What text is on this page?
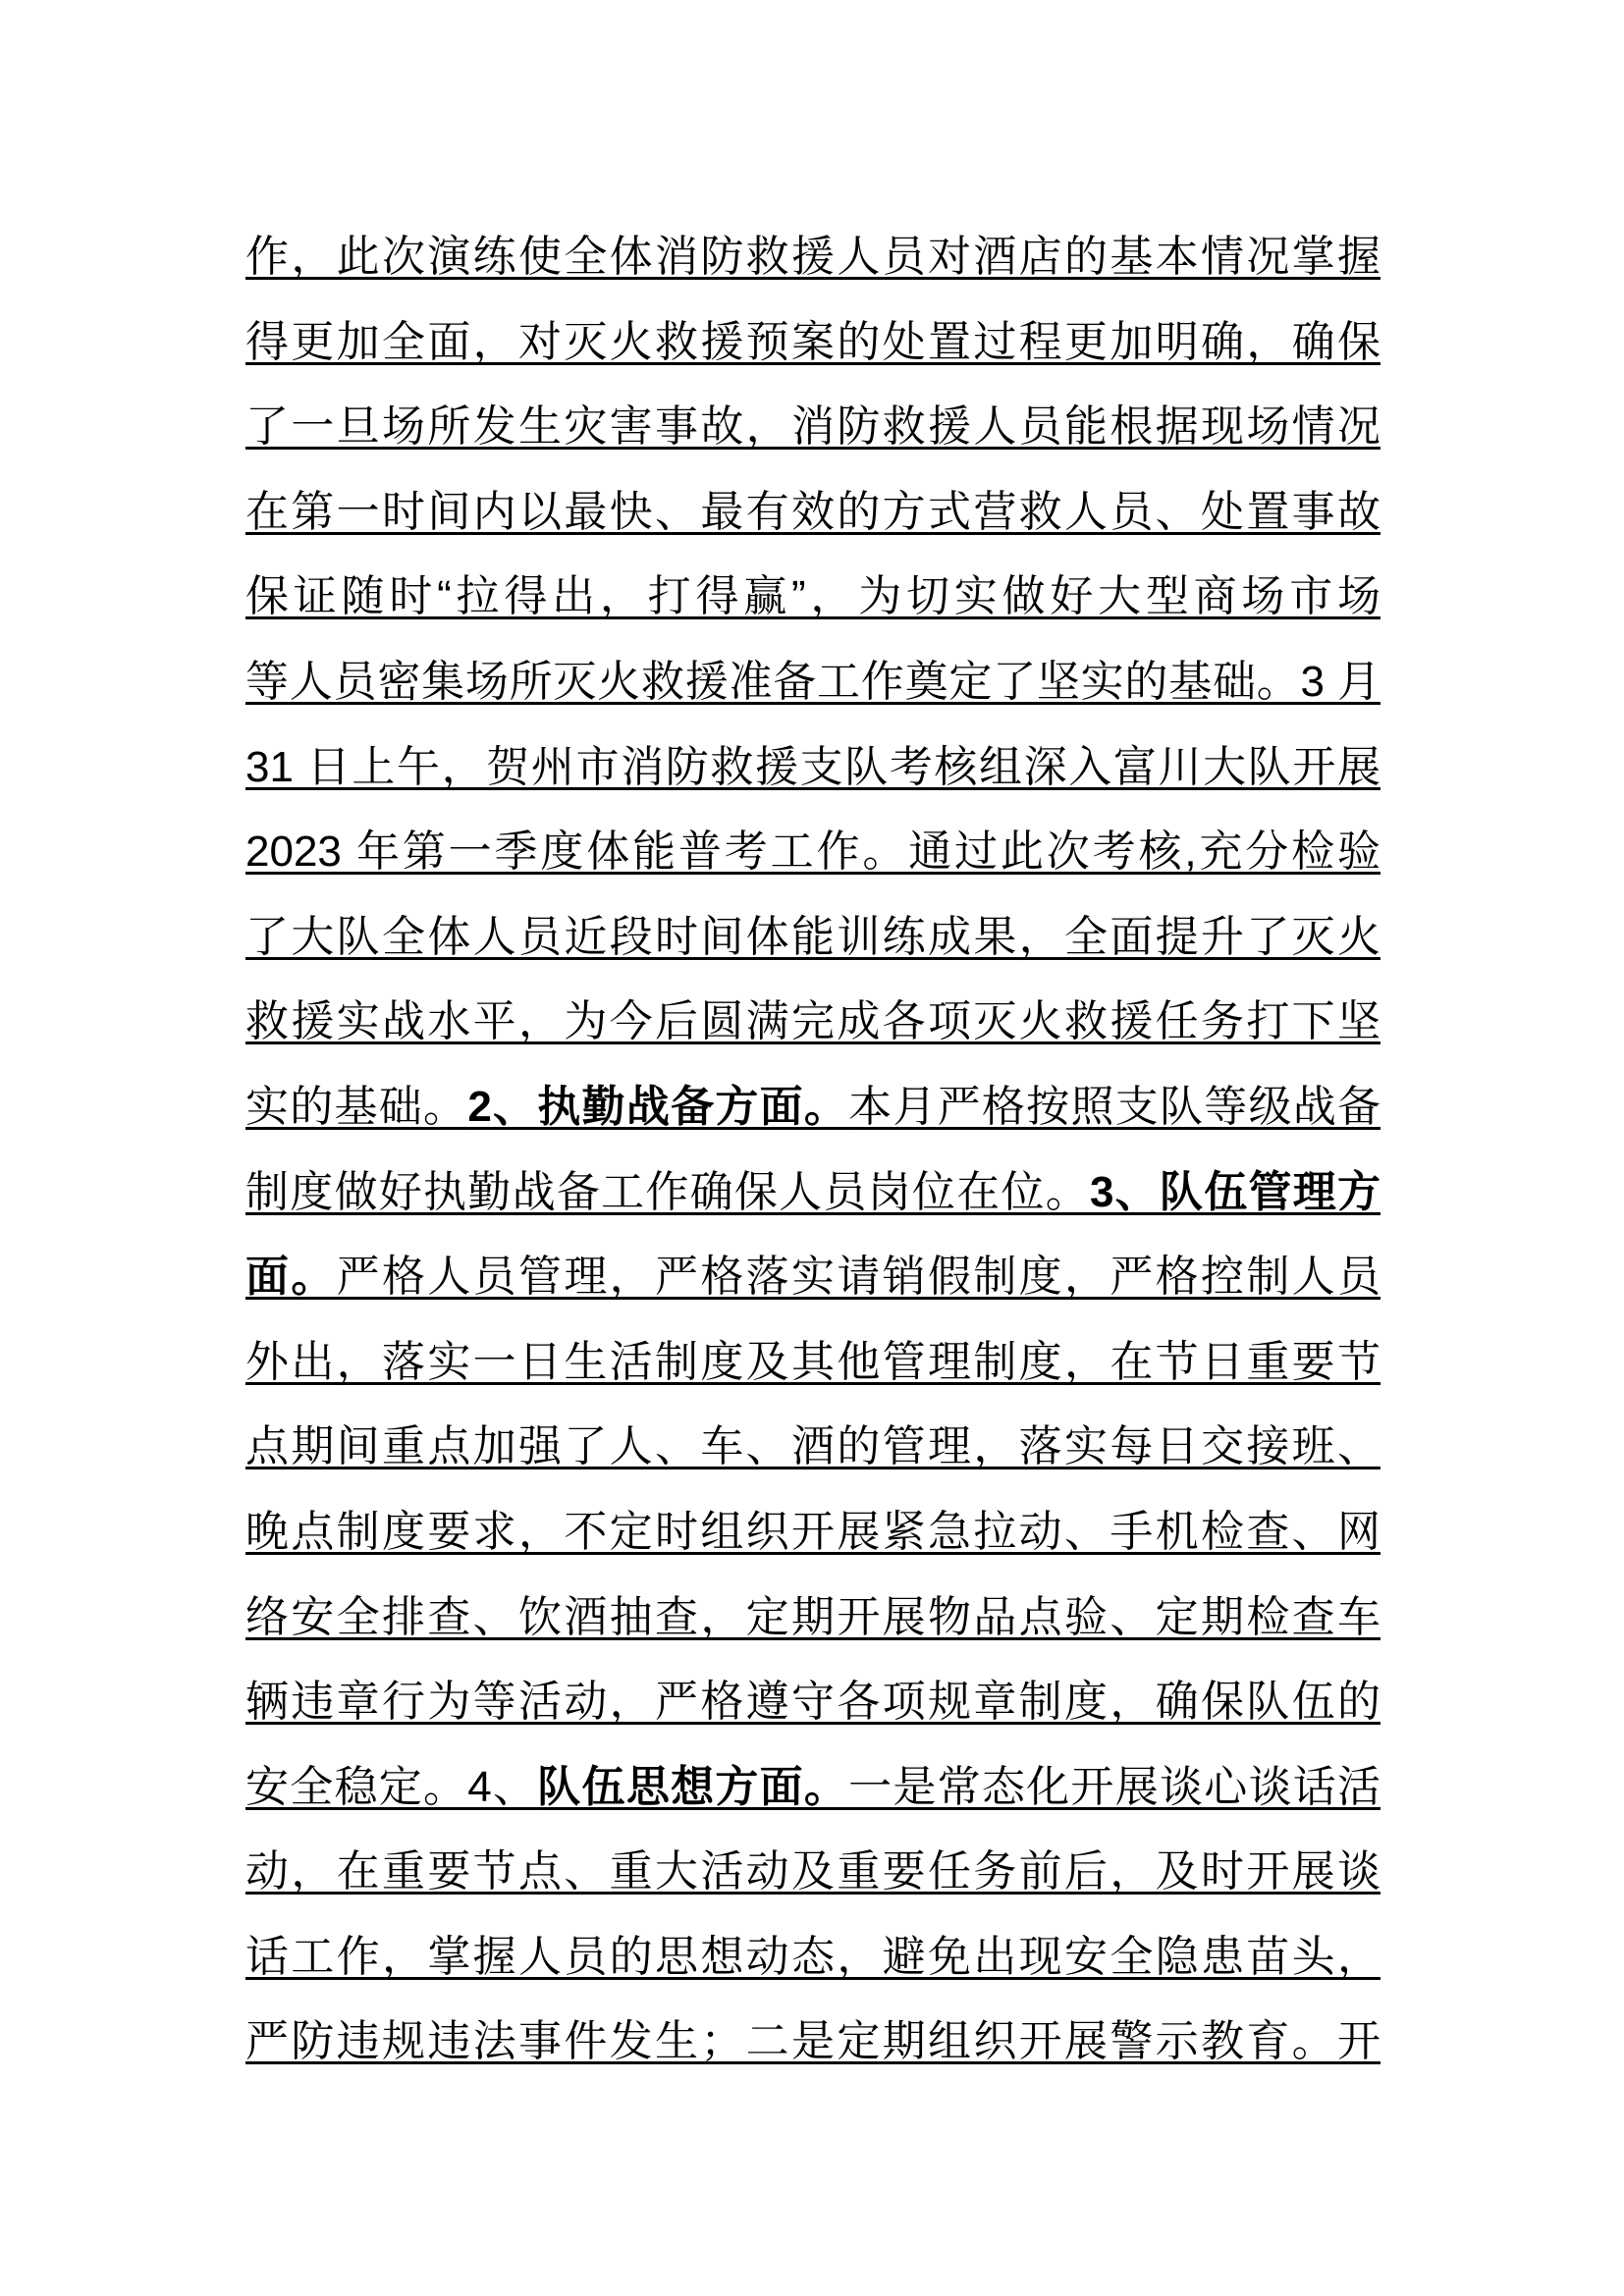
作，此次演练使全体消防救援人员对酒店的基本情况掌握
得更加全面，对灭火救援预案的处置过程更加明确，确保
了一旦场所发生灾害事故，消防救援人员能根据现场情况
在第一时间内以最快、最有效的方式营救人员、处置事故
保证随时“拉得出，打得赢”，为切实做好大型商场市场
等人员密集场所灭火救援准备工作奠定了坚实的基础。3 月
31 日上午，贺州市消防救援支队考核组深入富川大队开展
2023 年第一季度体能普考工作。通过此次考核,充分检验
了大队全体人员近段时间体能训练成果，全面提升了灭火
救援实战水平，为今后圆满完成各项灭火救援任务打下坚
实的基础。2、执勤战备方面。本月严格按照支队等级战备
制度做好执勤战备工作确保人员岗位在位。3、队伍管理方
面。严格人员管理，严格落实请销假制度，严格控制人员
外出，落实一日生活制度及其他管理制度，在节日重要节
点期间重点加强了人、车、酒的管理，落实每日交接班、
晚点制度要求，不定时组织开展紧急拉动、手机检查、网
络安全排查、饮酒抽查，定期开展物品点验、定期检查车
辆违章行为等活动，严格遵守各项规章制度，确保队伍的
安全稳定。4、队伍思想方面。一是常态化开展谈心谈话活
动，在重要节点、重大活动及重要任务前后，及时开展谈
话工作，掌握人员的思想动态，避免出现安全隐患苗头，
严防违规违法事件发生；二是定期组织开展警示教育。开
